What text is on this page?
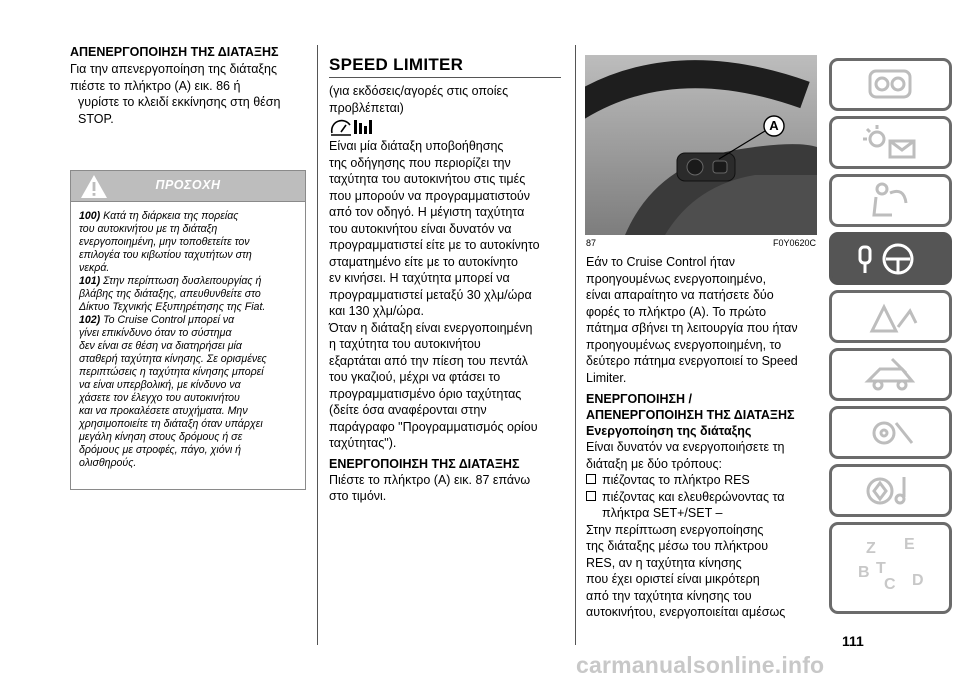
ΑΠΕΝΕΡΓΟΠΟΙΗΣΗ ΤΗΣ ΔΙΑΤΑΞΗΣ

Για την απενεργοποίηση της διάταξης

πιέστε το πλήκτρο (A) εικ. 86 ή

γυρίστε το κλειδί εκκίνησης στη θέση

STOP.

ΠΡΟΣΟΧΗ

100) Κατά τη διάρκεια της πορείας

του αυτοκινήτου με τη διάταξη

ενεργοποιημένη, μην τοποθετείτε τον

επιλογέα του κιβωτίου ταχυτήτων στη

νεκρά.

101) Στην περίπτωση δυσλειτουργίας ή

βλάβης της διάταξης, απευθυνθείτε στο

Δίκτυο Τεχνικής Εξυπηρέτησης της Fiat.

102) To Cruise Control μπορεί να

γίνει επικίνδυνο όταν το σύστημα

δεν είναι σε θέση να διατηρήσει μία

σταθερή ταχύτητα κίνησης. Σε ορισμένες

περιπτώσεις η ταχύτητα κίνησης μπορεί

να είναι υπερβολική, με κίνδυνο να

χάσετε τον έλεγχο του αυτοκινήτου

και να προκαλέσετε ατυχήματα. Μην

χρησιμοποιείτε τη διάταξη όταν υπάρχει

μεγάλη κίνηση στους δρόμους ή σε

δρόμους με στροφές, πάγο, χιόνι ή

ολισθηρούς.

SPEED LIMITER

(για εκδόσεις/αγορές στις οποίες

προβλέπεται)

Είναι μία διάταξη υποβοήθησης

της οδήγησης που περιορίζει την

ταχύτητα του αυτοκινήτου στις τιμές

που μπορούν να προγραμματιστούν

από τον οδηγό. Η μέγιστη ταχύτητα

του αυτοκινήτου είναι δυνατόν να

προγραμματιστεί είτε με το αυτοκίνητο

σταματημένο είτε με το αυτοκίνητο

εν κινήσει. Η ταχύτητα μπορεί να

προγραμματιστεί μεταξύ 30 χλμ/ώρα

και 130 χλμ/ώρα.

Όταν η διάταξη είναι ενεργοποιημένη

η ταχύτητα του αυτοκινήτου

εξαρτάται από την πίεση του πεντάλ

του γκαζιού, μέχρι να φτάσει το

προγραμματισμένο όριο ταχύτητας

(δείτε όσα αναφέρονται στην

παράγραφο "Προγραμματισμός ορίου

ταχύτητας").

ΕΝΕΡΓΟΠΟΙΗΣΗ ΤΗΣ ΔΙΑΤΑΞΗΣ

Πιέστε το πλήκτρο (A) εικ. 87 επάνω

στο τιμόνι.

A
87	F0Y0620C

Εάν το Cruise Control ήταν

προηγουμένως ενεργοποιημένο,

είναι απαραίτητο να πατήσετε δύο

φορές το πλήκτρο (A). Το πρώτο

πάτημα σβήνει τη λειτουργία που ήταν

προηγουμένως ενεργοποιημένη, το

δεύτερο πάτημα ενεργοποιεί το Speed

Limiter.

ΕΝΕΡΓΟΠΟΙΗΣΗ /

ΑΠΕΝΕΡΓΟΠΟΙΗΣΗ ΤΗΣ ΔΙΑΤΑΞΗΣ

Ενεργοποίηση της διάταξης

Είναι δυνατόν να ενεργοποιήσετε τη

διάταξη με δύο τρόπους:

πιέζοντας το πλήκτρο RES

πιέζοντας και ελευθερώνοντας τα

πλήκτρα SET+/SET –

Στην περίπτωση ενεργοποίησης

της διάταξης μέσω του πλήκτρου

RES, αν η ταχύτητα κίνησης

που έχει οριστεί είναι μικρότερη

από την ταχύτητα κίνησης του

αυτοκινήτου, ενεργοποιείται αμέσως

Z E
B
C D
T
111
carmanualsonline.info
